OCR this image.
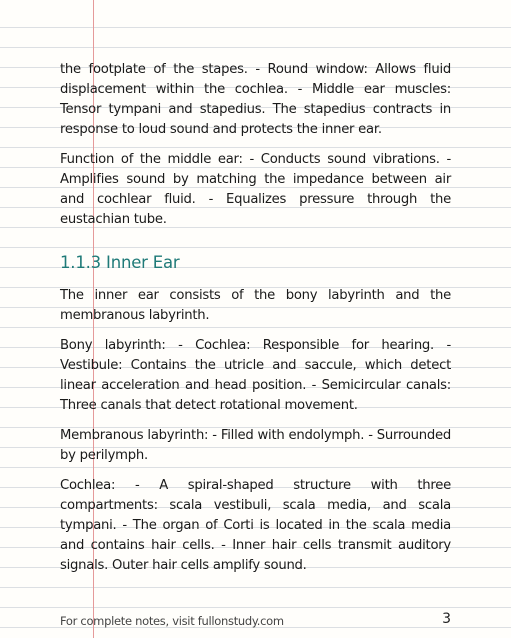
the footplate of the stapes. - Round window: Allows fluid displacement within the cochlea. - Middle ear muscles: Tensor tympani and stapedius. The stapedius contracts in response to loud sound and protects the inner ear.

Function of the middle ear: - Conducts sound vibrations. - Amplifies sound by matching the impedance between air and cochlear fluid. - Equalizes pressure through the eustachian tube.

1.1.3 Inner Ear

The inner ear consists of the bony labyrinth and the membranous labyrinth.

Bony labyrinth: - Cochlea: Responsible for hearing. - Vestibule: Contains the utricle and saccule, which detect linear acceleration and head position. - Semicircular canals: Three canals that detect rotational movement.

Membranous labyrinth: - Filled with endolymph. - Surrounded by perilymph.

Cochlea: - A spiral-shaped structure with three compartments: scala vestibuli, scala media, and scala tympani. - The organ of Corti is located in the scala media and contains hair cells. - Inner hair cells transmit auditory signals. Outer hair cells amplify sound.

For complete notes, visit fullonstudy.com	3
